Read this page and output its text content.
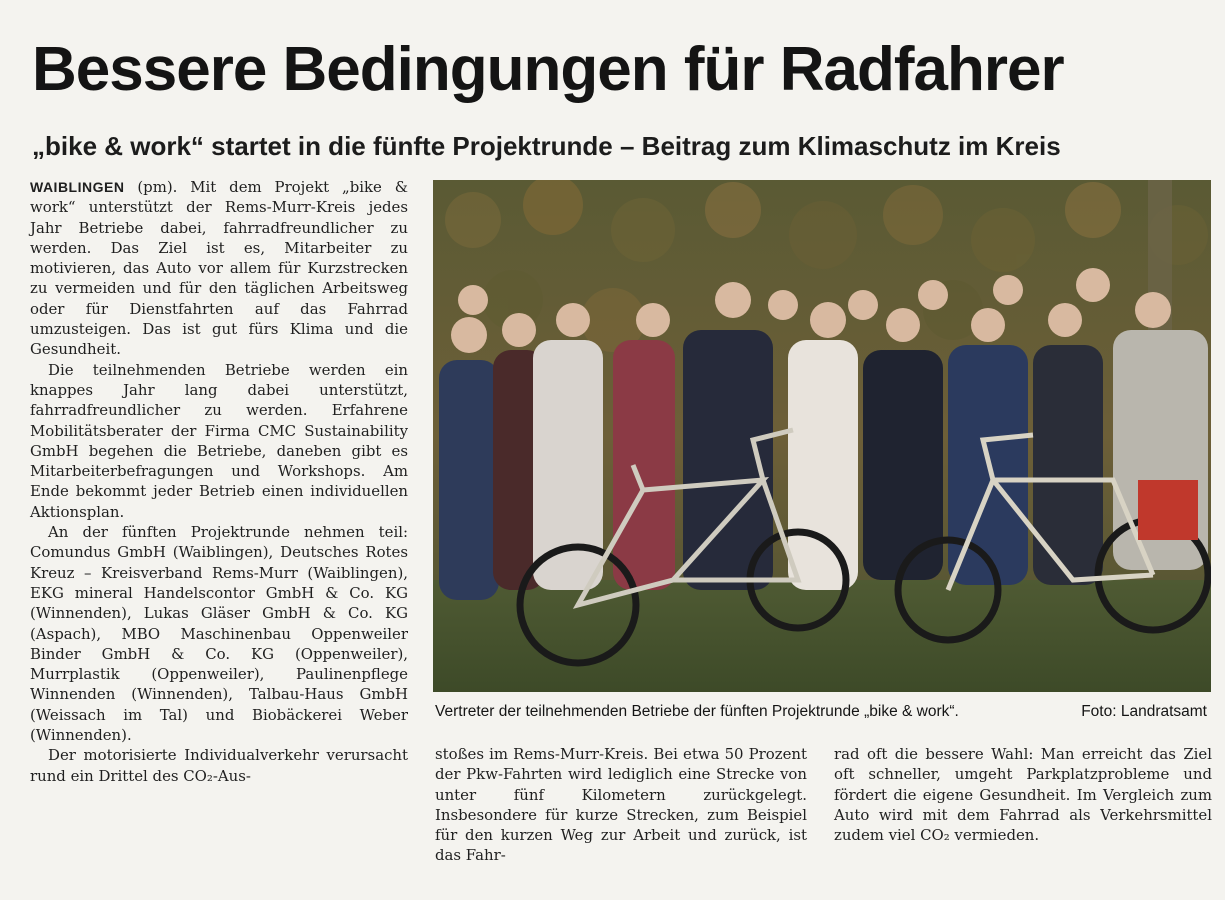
Bessere Bedingungen für Radfahrer
„bike & work“ startet in die fünfte Projektrunde – Beitrag zum Klimaschutz im Kreis

WAIBLINGEN (pm). Mit dem Projekt „bike & work“ unterstützt der Rems-Murr-Kreis jedes Jahr Betriebe dabei, fahrradfreundlicher zu werden. Das Ziel ist es, Mitarbeiter zu motivieren, das Auto vor allem für Kurzstrecken zu vermeiden und für den täglichen Arbeitsweg oder für Dienstfahrten auf das Fahrrad umzusteigen. Das ist gut fürs Klima und die Gesundheit.

Die teilnehmenden Betriebe werden ein knappes Jahr lang dabei unterstützt, fahrradfreundlicher zu werden. Erfahrene Mobilitätsberater der Firma CMC Sustainability GmbH begehen die Betriebe, daneben gibt es Mitarbeiterbefragungen und Workshops. Am Ende bekommt jeder Betrieb einen individuellen Aktionsplan.

An der fünften Projektrunde nehmen teil: Comundus GmbH (Waiblingen), Deutsches Rotes Kreuz – Kreisverband Rems-Murr (Waiblingen), EKG mineral Handelscontor GmbH & Co. KG (Winnenden), Lukas Gläser GmbH & Co. KG (Aspach), MBO Maschinenbau Oppenweiler Binder GmbH & Co. KG (Oppenweiler), Murrplastik (Oppenweiler), Paulinenpflege Winnenden (Winnenden), Talbau-Haus GmbH (Weissach im Tal) und Biobäckerei Weber (Winnenden).

Der motorisierte Individualverkehr verursacht rund ein Drittel des CO₂-Aus-

Vertreter der teilnehmenden Betriebe der fünften Projektrunde „bike & work“.	Foto: Landratsamt

stoßes im Rems-Murr-Kreis. Bei etwa 50 Prozent der Pkw-Fahrten wird lediglich eine Strecke von unter fünf Kilometern zurückgelegt. Insbesondere für kurze Strecken, zum Beispiel für den kurzen Weg zur Arbeit und zurück, ist das Fahr-

rad oft die bessere Wahl: Man erreicht das Ziel oft schneller, umgeht Parkplatzprobleme und fördert die eigene Gesundheit. Im Vergleich zum Auto wird mit dem Fahrrad als Verkehrsmittel zudem viel CO₂ vermieden.
